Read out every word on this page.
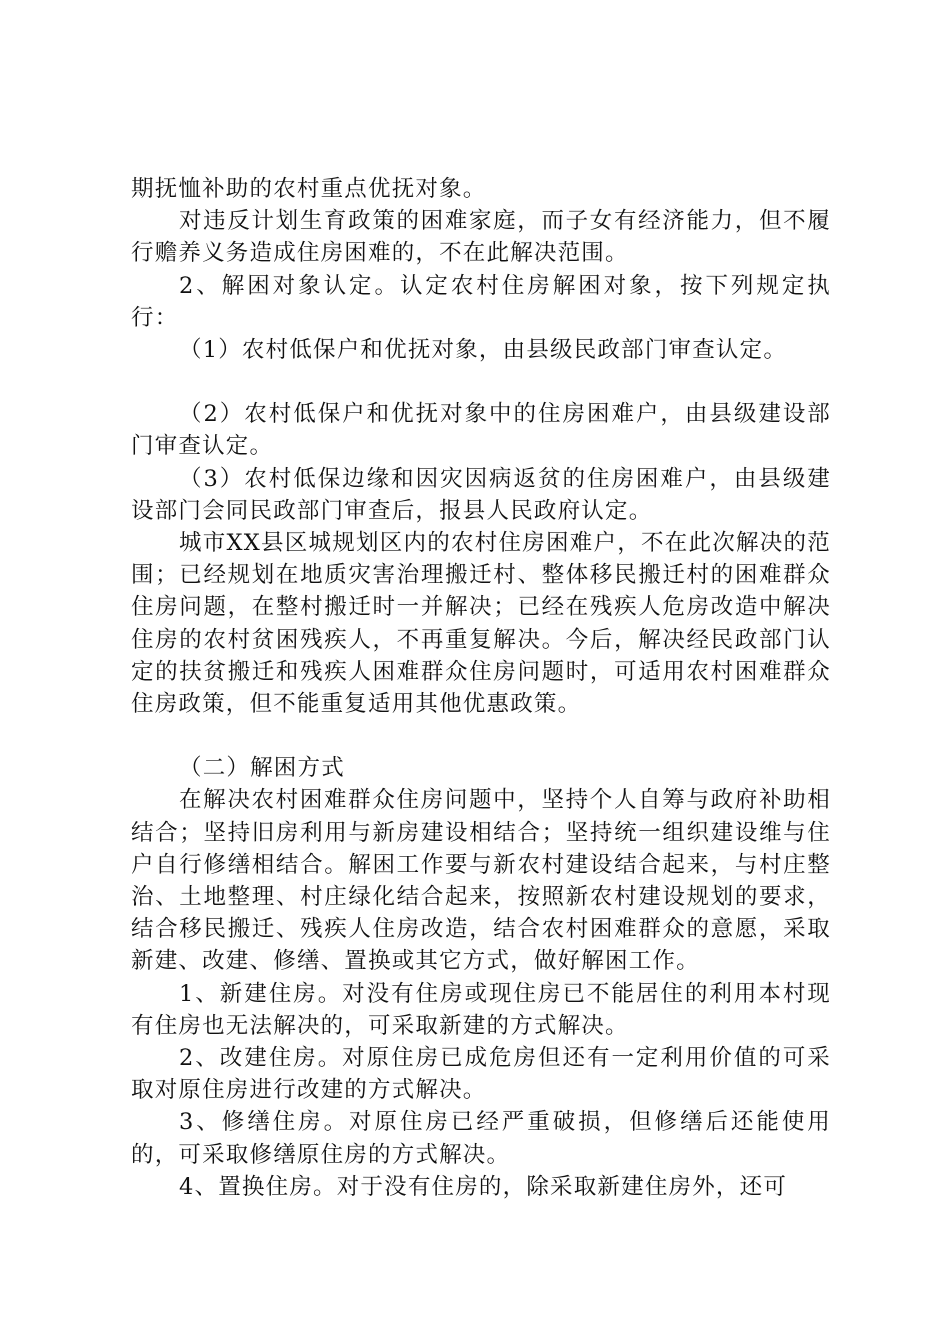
期抚恤补助的农村重点优抚对象。

对违反计划生育政策的困难家庭，而子女有经济能力，但不履行赡养义务造成住房困难的，不在此解决范围。

2、解困对象认定。认定农村住房解困对象，按下列规定执行：

（1）农村低保户和优抚对象，由县级民政部门审查认定。

（2）农村低保户和优抚对象中的住房困难户，由县级建设部门审查认定。

（3）农村低保边缘和因灾因病返贫的住房困难户，由县级建设部门会同民政部门审查后，报县人民政府认定。

城市XX县区城规划区内的农村住房困难户，不在此次解决的范围；已经规划在地质灾害治理搬迁村、整体移民搬迁村的困难群众住房问题，在整村搬迁时一并解决；已经在残疾人危房改造中解决住房的农村贫困残疾人，不再重复解决。今后，解决经民政部门认定的扶贫搬迁和残疾人困难群众住房问题时，可适用农村困难群众住房政策，但不能重复适用其他优惠政策。

（二）解困方式

在解决农村困难群众住房问题中，坚持个人自筹与政府补助相结合；坚持旧房利用与新房建设相结合；坚持统一组织建设维与住户自行修缮相结合。解困工作要与新农村建设结合起来，与村庄整治、土地整理、村庄绿化结合起来，按照新农村建设规划的要求，结合移民搬迁、残疾人住房改造，结合农村困难群众的意愿，采取新建、改建、修缮、置换或其它方式，做好解困工作。

1、新建住房。对没有住房或现住房已不能居住的利用本村现有住房也无法解决的，可采取新建的方式解决。

2、改建住房。对原住房已成危房但还有一定利用价值的可采取对原住房进行改建的方式解决。

3、修缮住房。对原住房已经严重破损，但修缮后还能使用的，可采取修缮原住房的方式解决。

4、置换住房。对于没有住房的，除采取新建住房外，还可
